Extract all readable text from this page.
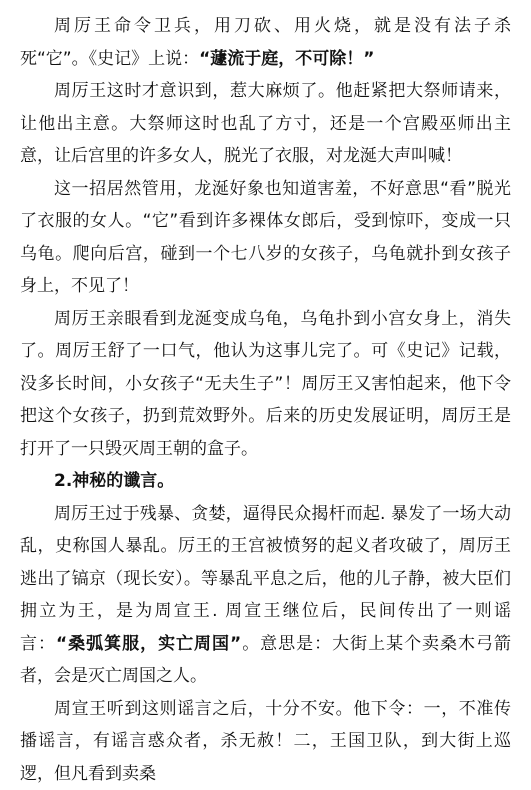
周厉王命令卫兵，用刀砍、用火烧，就是没有法子杀死“它”。《史记》上说：“蘧流于庭，不可除！”

周厉王这时才意识到，惹大麻烦了。他赶紧把大祭师请来，让他出主意。大祭师这时也乱了方寸，还是一个宫殿巫师出主意，让后宫里的许多女人，脱光了衣服，对龙涎大声叫喊！

这一招居然管用，龙涎好象也知道害羞，不好意思“看”脱光了衣服的女人。“它”看到许多裸体女郎后，受到惊吓，变成一只乌龟。爬向后宫，碰到一个七八岁的女孩子，乌龟就扑到女孩子身上，不见了！

周厉王亲眼看到龙涎变成乌龟，乌龟扑到小宫女身上，消失了。周厉王舒了一口气，他认为这事儿完了。可《史记》记载，没多长时间，小女孩子“无夫生子”！周厉王又害怕起来，他下令把这个女孩子，扔到荒效野外。后来的历史发展证明，周厉王是打开了一只毁灭周王朝的盒子。

2.神秘的谶言。

周厉王过于残暴、贪婪，逼得民众揭杆而起. 暴发了一场大动乱，史称国人暴乱。厉王的王宫被愤努的起义者攻破了，周厉王逃出了镐京（现长安）。等暴乱平息之后，他的儿子静，被大臣们拥立为王，是为周宣王. 周宣王继位后，民间传出了一则谣言：“桑弧箕服，实亡周国”。意思是：大街上某个卖桑木弓箭者，会是灭亡周国之人。

周宣王听到这则谣言之后，十分不安。他下令：一，不准传播谣言，有谣言惑众者，杀无赦！二，王国卫队，到大街上巡逻，但凡看到卖桑
